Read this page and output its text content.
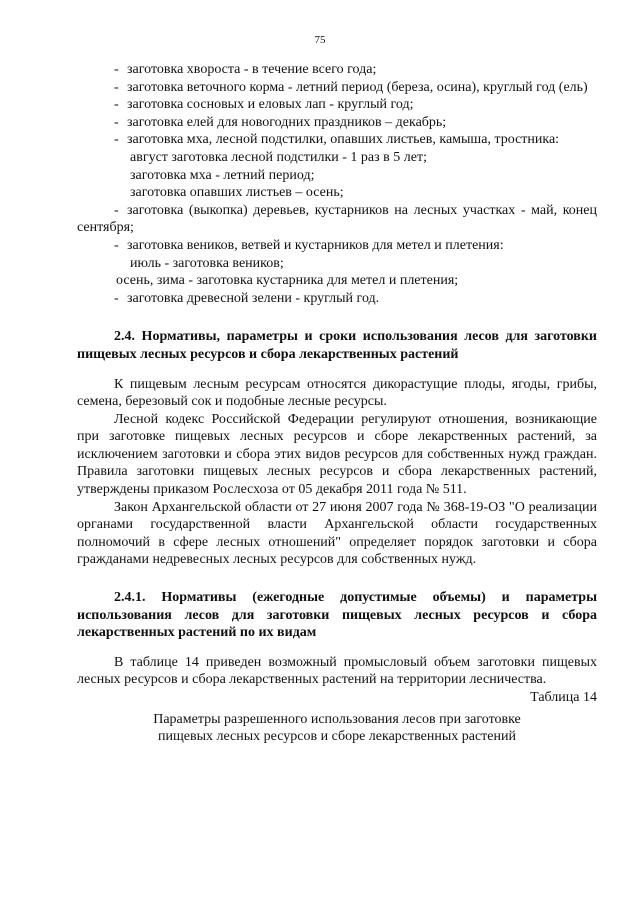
75
- заготовка хвороста - в течение всего года;
- заготовка веточного корма - летний период (береза, осина), круглый год (ель)
- заготовка сосновых и еловых лап - круглый год;
- заготовка елей для новогодних праздников – декабрь;
- заготовка мха, лесной подстилки, опавших листьев, камыша, тростника:
август заготовка лесной подстилки - 1 раз в 5 лет;
заготовка мха - летний период;
заготовка опавших листьев – осень;
- заготовка (выкопка) деревьев, кустарников на лесных участках - май, конец сентября;
- заготовка веников, ветвей и кустарников для метел и плетения:
июль - заготовка веников;
осень, зима - заготовка кустарника для метел и плетения;
- заготовка древесной зелени - круглый год.
2.4. Нормативы, параметры и сроки использования лесов для заготовки пищевых лесных ресурсов и сбора лекарственных растений
К пищевым лесным ресурсам относятся дикорастущие плоды, ягоды, грибы, семена, березовый сок и подобные лесные ресурсы.
Лесной кодекс Российской Федерации регулируют отношения, возникающие при заготовке пищевых лесных ресурсов и сборе лекарственных растений, за исключением заготовки и сбора этих видов ресурсов для собственных нужд граждан. Правила заготовки пищевых лесных ресурсов и сбора лекарственных растений, утверждены приказом Рослесхоза от 05 декабря 2011 года № 511.
Закон Архангельской области от 27 июня 2007 года № 368-19-ОЗ "О реализации органами государственной власти Архангельской области государственных полномочий в сфере лесных отношений" определяет порядок заготовки и сбора гражданами недревесных лесных ресурсов для собственных нужд.
2.4.1. Нормативы (ежегодные допустимые объемы) и параметры использования лесов для заготовки пищевых лесных ресурсов и сбора лекарственных растений по их видам
В таблице 14 приведен возможный промысловый объем заготовки пищевых лесных ресурсов и сбора лекарственных растений на территории лесничества.
Таблица 14
Параметры разрешенного использования лесов при заготовке
пищевых лесных ресурсов и сборе лекарственных растений
